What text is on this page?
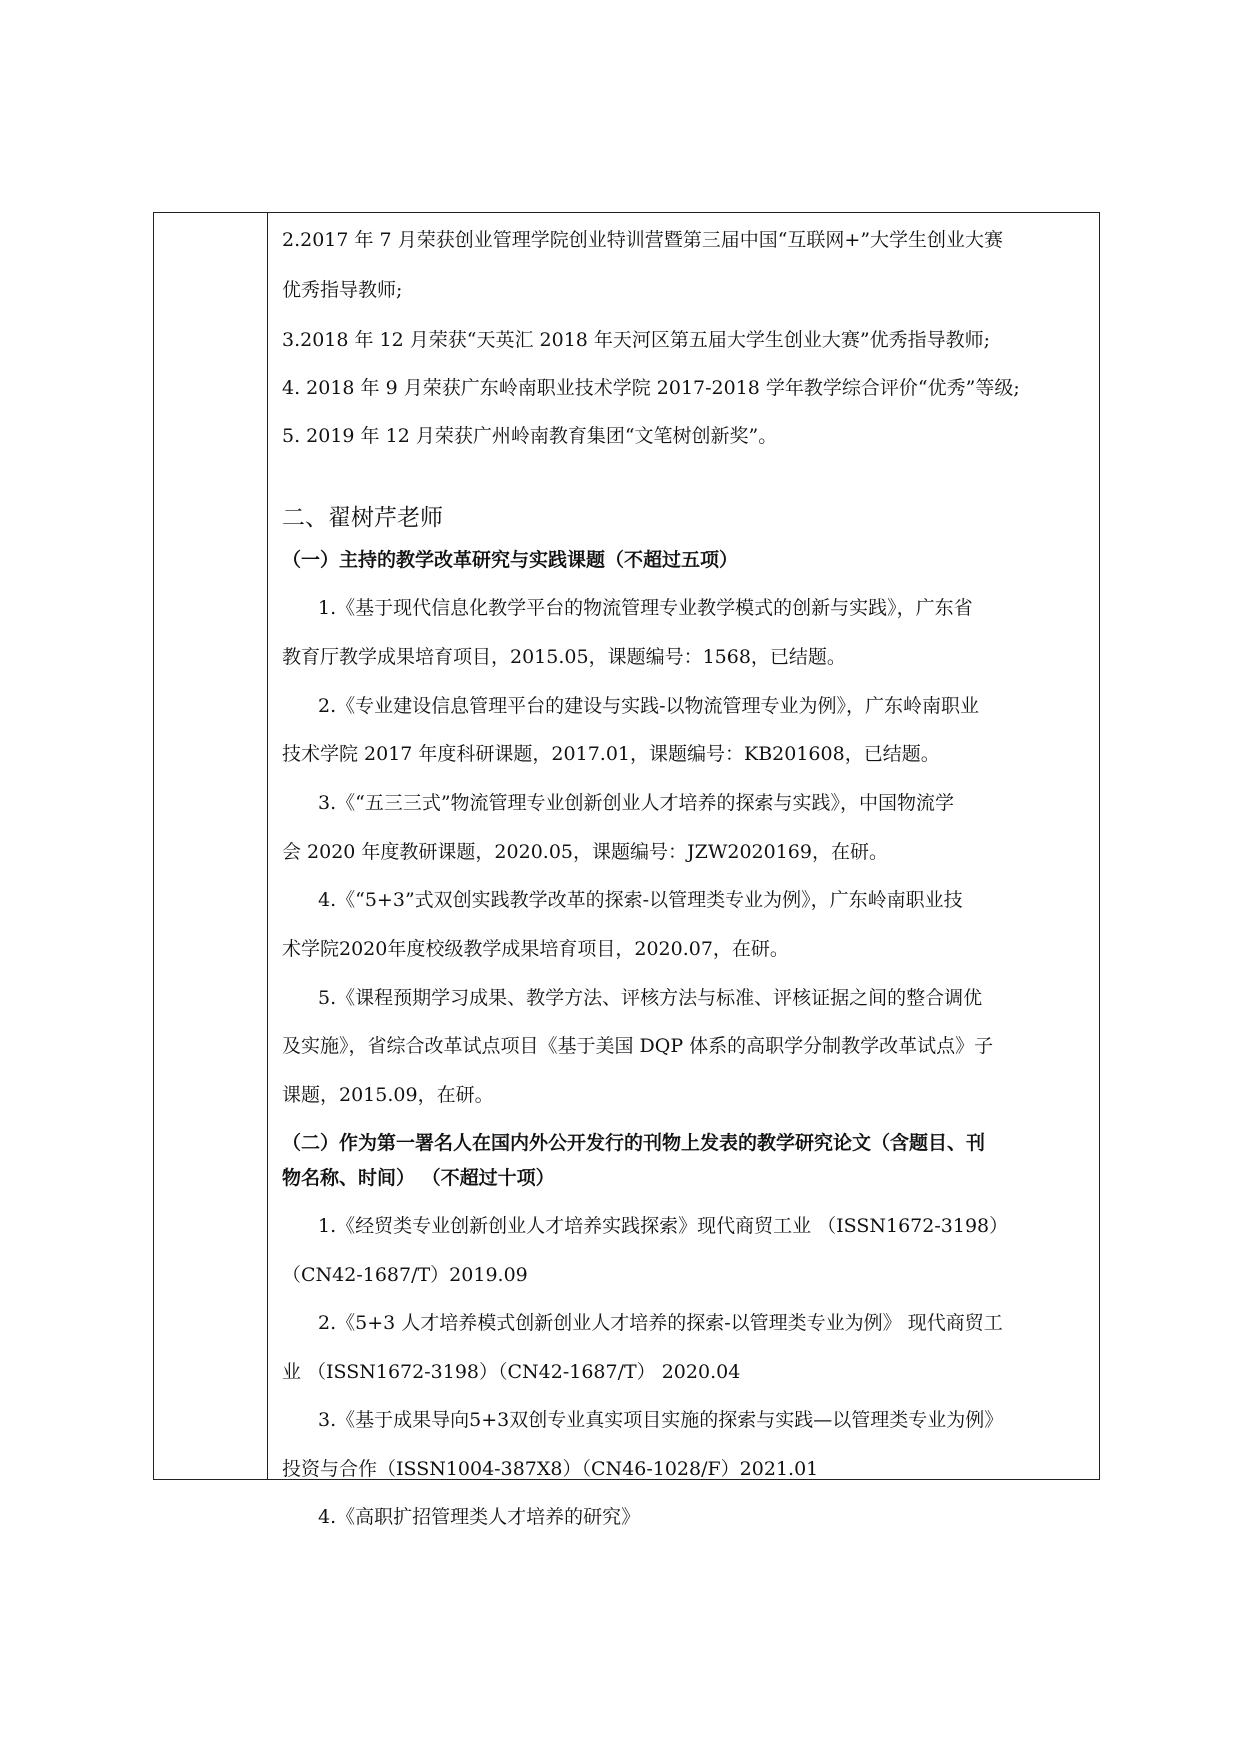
2.2017 年 7 月荣获创业管理学院创业特训营暨第三届中国“互联网+”大学生创业大赛
优秀指导教师;
3.2018 年 12 月荣获“天英汇 2018 年天河区第五届大学生创业大赛”优秀指导教师;
4. 2018 年 9 月荣获广东岭南职业技术学院 2017-2018 学年教学综合评价“优秀”等级;
5. 2019 年 12 月荣获广州岭南教育集团“文笔树创新奖”。
二、翟树芹老师
（一）主持的教学改革研究与实践课题（不超过五项）
1.《基于现代信息化教学平台的物流管理专业教学模式的创新与实践》，广东省
教育厅教学成果培育项目，2015.05，课题编号：1568，已结题。
2.《专业建设信息管理平台的建设与实践-以物流管理专业为例》，广东岭南职业
技术学院 2017 年度科研课题，2017.01，课题编号：KB201608，已结题。
3.《“五三三式”物流管理专业创新创业人才培养的探索与实践》，中国物流学
会 2020 年度教研课题，2020.05，课题编号：JZW2020169，在研。
4.《“5+3”式双创实践教学改革的探索-以管理类专业为例》，广东岭南职业技
术学院2020年度校级教学成果培育项目，2020.07，在研。
5.《课程预期学习成果、教学方法、评核方法与标准、评核证据之间的整合调优
及实施》，省综合改革试点项目《基于美国 DQP 体系的高职学分制教学改革试点》子
课题，2015.09，在研。
（二）作为第一署名人在国内外公开发行的刊物上发表的教学研究论文（含题目、刊
物名称、时间） （不超过十项）
1.《经贸类专业创新创业人才培养实践探索》现代商贸工业 （ISSN1672-3198）
（CN42-1687/T）2019.09
2.《5+3 人才培养模式创新创业人才培养的探索-以管理类专业为例》 现代商贸工
业 （ISSN1672-3198）（CN42-1687/T） 2020.04
3.《基于成果导向5+3双创专业真实项目实施的探索与实践—以管理类专业为例》
投资与合作（ISSN1004-387X8）（CN46-1028/F）2021.01
4.《高职扩招管理类人才培养的研究》
